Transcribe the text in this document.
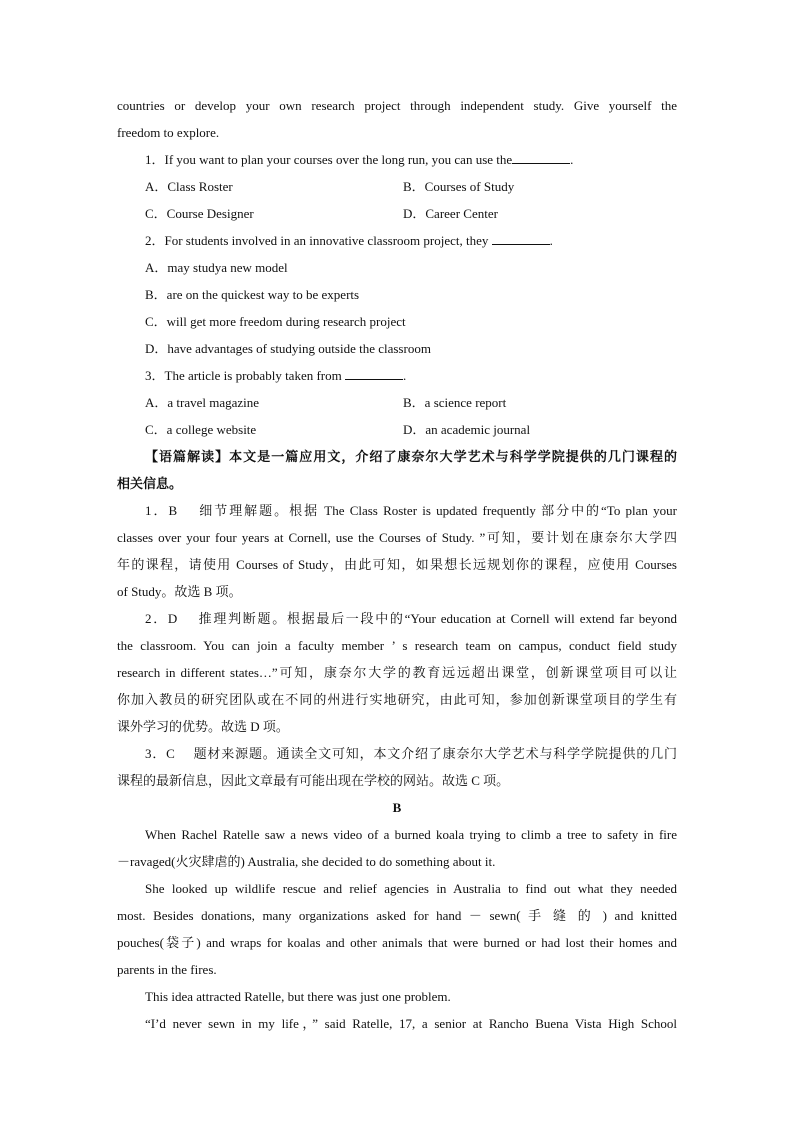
countries or develop your own research project through independent study. Give yourself the
freedom to explore.
1．If you want to plan your courses over the long run, you can use the	.
A．Class Roster	B．Courses of Study
C．Course Designer	D．Career Center
2．For students involved in an innovative classroom project, they	.
A．may studya new model
B．are on the quickest way to be experts
C．will get more freedom during research project
D．have advantages of studying outside the classroom
3．The article is probably taken from	.
A．a travel magazine	B．a science report
C．a college website	D．an academic journal
【语篇解读】本文是一篇应用文，介绍了康奈尔大学艺术与科学学院提供的几门课程的
相关信息。
1．B　 细节理解题。根据 The Class Roster is updated frequently 部分中的“To plan your
classes over your four years at Cornell, use the Courses of Study. ”可知，要计划在康奈尔大学四
年的课程，请使用 Courses of Study，由此可知，如果想长远规划你的课程，应使用 Courses
of Study。故选 B 项。
2．D　 推理判断题。根据最后一段中的“Your education at Cornell will extend far beyond
the classroom. You can join a faculty member ’ s research team on campus, conduct field study
research in different states…”可知，康奈尔大学的教育远远超出课堂，创新课堂项目可以让
你加入教员的研究团队或在不同的州进行实地研究，由此可知，参加创新课堂项目的学生有
课外学习的优势。故选 D 项。
3．C　 题材来源题。通读全文可知，本文介绍了康奈尔大学艺术与科学学院提供的几门
课程的最新信息，因此文章最有可能出现在学校的网站。故选 C 项。
B
When Rachel Ratelle saw a news video of a burned koala trying to climb a tree to safety in fire
－ravaged(火灾肆虐的) Australia, she decided to do something about it.
She looked up wildlife rescue and relief agencies in Australia to find out what they needed
most. Besides donations, many organizations asked for hand － sewn( 手 缝 的 ) and knitted
pouches(袋子) and wraps for koalas and other animals that were burned or had lost their homes and
parents in the fires.
This idea attracted Ratelle, but there was just one problem.
“I’d never sewn in my life，” said Ratelle, 17, a senior at Rancho Buena Vista High School
